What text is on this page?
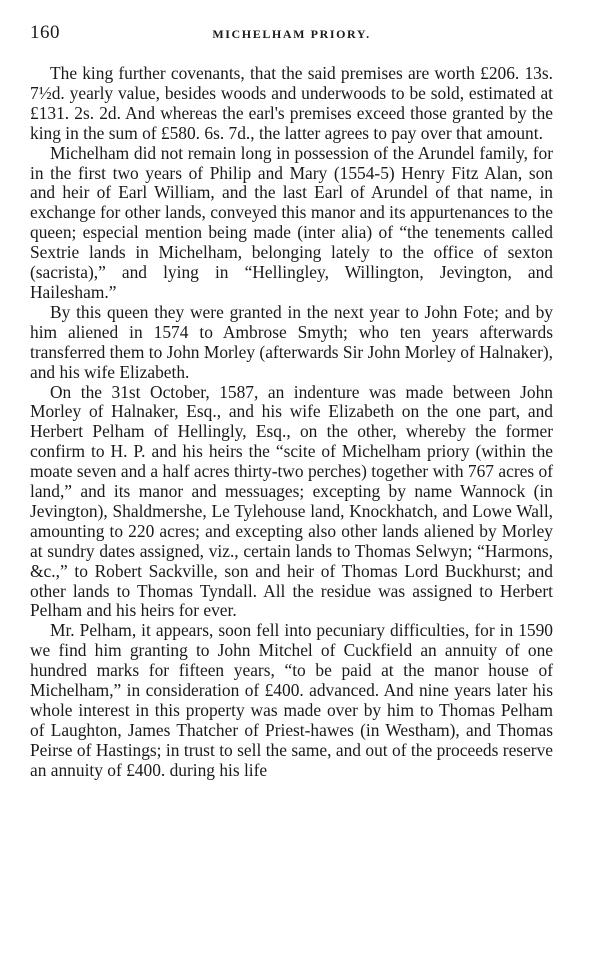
160	MICHELHAM PRIORY.

The king further covenants, that the said premises are worth £206. 13s. 7½d. yearly value, besides woods and underwoods to be sold, estimated at £131. 2s. 2d. And whereas the earl's premises exceed those granted by the king in the sum of £580. 6s. 7d., the latter agrees to pay over that amount.

Michelham did not remain long in possession of the Arundel family, for in the first two years of Philip and Mary (1554-5) Henry Fitz Alan, son and heir of Earl William, and the last Earl of Arundel of that name, in exchange for other lands, conveyed this manor and its appurtenances to the queen; especial mention being made (inter alia) of “the tenements called Sextrie lands in Michelham, belonging lately to the office of sexton (sacrista),” and lying in “Hellingley, Willington, Jevington, and Hailesham.”

By this queen they were granted in the next year to John Fote; and by him aliened in 1574 to Ambrose Smyth; who ten years afterwards transferred them to John Morley (afterwards Sir John Morley of Halnaker), and his wife Elizabeth.

On the 31st October, 1587, an indenture was made between John Morley of Halnaker, Esq., and his wife Elizabeth on the one part, and Herbert Pelham of Hellingly, Esq., on the other, whereby the former confirm to H. P. and his heirs the “scite of Michelham priory (within the moate seven and a half acres thirty-two perches) together with 767 acres of land,” and its manor and messuages; excepting by name Wannock (in Jevington), Shaldmershe, Le Tylehouse land, Knockhatch, and Lowe Wall, amounting to 220 acres; and excepting also other lands aliened by Morley at sundry dates assigned, viz., certain lands to Thomas Selwyn; “Harmons, &c.,” to Robert Sackville, son and heir of Thomas Lord Buckhurst; and other lands to Thomas Tyndall. All the residue was assigned to Herbert Pelham and his heirs for ever.

Mr. Pelham, it appears, soon fell into pecuniary difficulties, for in 1590 we find him granting to John Mitchel of Cuckfield an annuity of one hundred marks for fifteen years, “to be paid at the manor house of Michelham,” in consideration of £400. advanced. And nine years later his whole interest in this property was made over by him to Thomas Pelham of Laughton, James Thatcher of Priest-hawes (in Westham), and Thomas Peirse of Hastings; in trust to sell the same, and out of the proceeds reserve an annuity of £400. during his life
